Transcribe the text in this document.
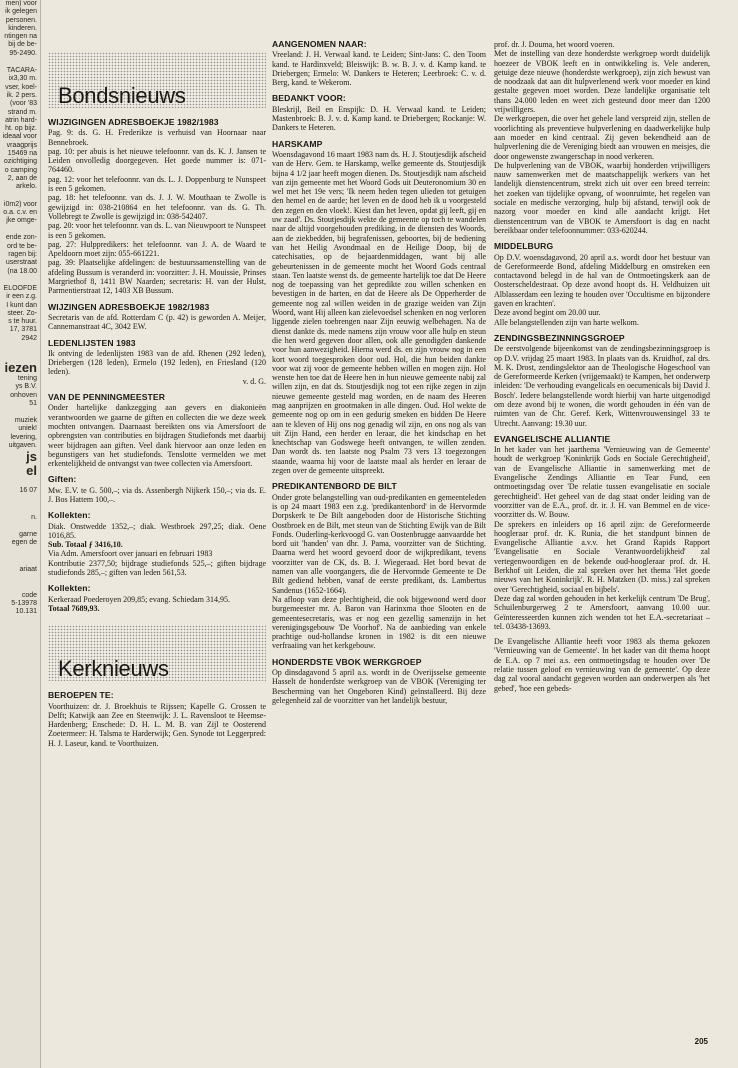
men) voor

ik gelegen

personen.

kinderen.

ntingen na

bij de be-

95-2490.

TACARA-

ix3,30 m.

vser, koel-

ik. 2 pers.

(voor '83

strand m.

atrin hard-

ht. op bijz.

ideaal voor

vraagprijs

15469 na

ozichtiging

o camping

2, aan de

arkelo.

i0m2) voor

o.a. c.v. en

jke omge-

ende zon-

ord te be-

ragen bij:

userstraat

(na 18.00

ELOOFDE

ir een z.g.

I kunt dan

steer. Zo-

s te huur.

17, 3781

2942

iezen

tening

ys B.V.

onhoven

51

muziek

uniek!

levering,

uitgaven.

js

el

16 07

n.

garne

egen de

ariaat

code

5-13978

10.131

Bondsnieuws
WIJZIGINGEN ADRESBOEKJE 1982/1983

Pag. 9: ds. G. H. Frederikze is verhuisd van Hoornaar naar Bennebroek.

pag. 10: per abuis is het nieuwe telefoonnr. van ds. K. J. Jansen te Leiden onvolledig doorgegeven. Het goede nummer is: 071-764460.

pag. 12: voor het telefoonnr. van ds. L. J. Doppenburg te Nunspeet is een 5 gekomen.

pag. 18: het telefoonnr. van ds. J. J. W. Mouthaan te Zwolle is gewijzigd in: 038-210864 en het telefoonnr. van ds. G. Th. Vollebregt te Zwolle is gewijzigd in: 038-542407.

pag. 20: voor het telefoonnr. van ds. L. van Nieuwpoort te Nunspeet is een 5 gekomen.

pag. 27: Hulppredikers: het telefoonnr. van J. A. de Waard te Apeldoorn moet zijn: 055-661221.

pag. 39: Plaatselijke afdelingen: de bestuurssamenstelling van de afdeling Bussum is veranderd in: voorzitter: J. H. Mouissie, Prinses Margriethof 8, 1411 BW Naarden; secretaris: H. van der Hulst, Parmentierstraat 12, 1403 XB Bussum.

WIJZINGEN ADRESBOEKJE 1982/1983

Secretaris van de afd. Rotterdam C (p. 42) is geworden A. Meijer, Cannemanstraat 4C, 3042 EW.

LEDENLIJSTEN 1983

Ik ontving de ledenlijsten 1983 van de afd. Rhenen (292 leden), Driebergen (128 leden), Ermelo (192 leden), en Friesland (120 leden).

v. d. G.

VAN DE PENNINGMEESTER

Onder hartelijke dankzegging aan gevers en diakonieën verantwoorden we gaarne de giften en collecten die we deze week mochten ontvangen. Daarnaast bereikten ons via Amersfoort de opbrengsten van contributies en bijdragen Studiefonds met daarbij weer bijdragen aan giften. Veel dank hiervoor aan onze leden en begunstigers van het studiefonds. Tenslotte vermelden we met erkentelijkheid de ontvangst van twee collecten via Amersfoort.

Giften:

Mw. E.V. te G. 500,–; via ds. Assenbergh Nijkerk 150,–; via ds. E. J. Bos Hattem 100,–.

Kollekten:

Diak. Onstwedde 1352,–; diak. Westbroek 297,25; diak. Oene 1016,85.

Sub. Totaal ƒ 3416,10.

Via Adm. Amersfoort over januari en februari 1983

Kontributie 2377,50; bijdrage studiefonds 525,–; giften bijdrage studiefonds 285,–; giften van leden 561,53.

Kollekten:

Kerkeraad Poederoyen 209,85; evang. Schiedam 314,95.

Totaal 7689,93.

Kerknieuws
BEROEPEN TE:

Voorthuizen: dr. J. Broekhuis te Rijssen; Kapelle G. Crossen te Delft; Katwijk aan Zee en Steenwijk: J. L. Ravensloot te Heemse-Hardenberg; Enschede: D. H. L. M. B. van Zijl te Oosterend Zoetermeer: H. Talsma te Harderwijk; Gen. Synode tot Leggerpred: H. J. Laseur, kand. te Voorthuizen.

AANGENOMEN NAAR:

Vreeland: J. H. Verwaal kand. te Leiden; Sint-Jans: C. den Toom kand. te Hardinxveld; Bleiswijk: B. w. B. J. v. d. Kamp kand. te Driebergen; Ermelo: W. Dankers te Heteren; Leerbroek: C. v. d. Berg, kand. te Wekerom.

BEDANKT VOOR:

Bleskrijl, Beil en Enspijk: D. H. Verwaal kand. te Leiden; Mastenbroek: B. J. v. d. Kamp kand. te Driebergen; Rockanje: W. Dankers te Heteren.

HARSKAMP

Woensdagavond 16 maart 1983 nam ds. H. J. Stoutjesdijk afscheid van de Herv. Gem. te Harskamp, welke gemeente ds. Stoutjesdijk bijna 4 1/2 jaar heeft mogen dienen. Ds. Stoutjesdijk nam afscheid van zijn gemeente met het Woord Gods uit Deuteronomium 30 en wel met het 19e vers; 'Ik neem heden tegen ulieden tot getuigen den hemel en de aarde; het leven en de dood heb ik u voorgesteld den zegen en den vloek!. Kiest dan het leven, opdat gij leeft, gij en uw zaad'. Ds. Stoutjesdijk wekte de gemeente op toch te wandelen naar de altijd voorgehouden prediking, in de diensten des Woords, aan de ziekbedden, bij begrafenissen, geboortes, bij de bediening van het Heilig Avondmaal en de Heilige Doop, bij de catechisaties, op de bejaardenmiddagen, want bij alle gebeurtenissen in de gemeente mocht het Woord Gods centraal staan. Ten laatste wenst ds. de gemeente hartelijk toe dat De Heere nog de toepassing van het gepredikte zou willen schenken en bevestigen in de harten, en dat de Heere als De Opperherder de gemeente nog zal willen weiden in de grazige weiden van Zijn Woord, want Hij alleen kan zielevoedsel schenken en nog verloren liggende zielen toebrengen naar Zijn eeuwig welbehagen. Na de dienst dankte ds. mede namens zijn vrouw voor alle hulp en steun die hen werd gegeven door allen, ook alle genodigden dankende voor hun aanwezigheid. Hierna werd ds. en zijn vrouw nog in een kort woord toegesproken door oud. Hol, die hun beiden dankte voor wat zij voor de gemeente hebben willen en mogen zijn. Hol wenste hen toe dat de Heere hen in hun nieuwe gemeente nabij zal willen zijn, en dat ds. Stoutjesdijk nog tot een rijke zegen in zijn nieuwe gemeente gesteld mag worden, en de naam des Heeren mag aanprijzen en grootmaken in alle dingen. Oud. Hol wekte de gemeente nog op om in een gedurig smeken en bidden De Heere aan te kleven of Hij ons nog genadig wil zijn, en ons nog als van uit Zijn Hand, een herder en leraar, die het kindschap en het knechtschap van Godswege heeft ontvangen, te willen zenden. Dan wordt ds. ten laatste nog Psalm 73 vers 13 toegezongen staande, waarna hij voor de laatste maal als herder en leraar de zegen over de gemeente uitspreekt.

PREDIKANTENBORD DE BILT

Onder grote belangstelling van oud-predikanten en gemeenteleden is op 24 maart 1983 een z.g. 'predikantenbord' in de Hervormde Dorpskerk te De Bilt aangeboden door de Historische Stichting Oostbroek en de Bilt, met steun van de Stichting Ewijk van de Bilt Fonds. Ouderling-kerkvoogd G. van Oostenbrugge aanvaardde het bord uit 'handen' van dhr. J. Pama, voorzitter van de Stichting. Daarna werd het woord gevoerd door de wijkpredikant, tevens voorzitter van de CK, ds. B. J. Wiegeraad. Het bord bevat de namen van alle voorgangers, die de Hervormde Gemeente te De Bilt gediend hebben, vanaf de eerste predikant, ds. Lambertus Sandenus (1652-1664).

Na afloop van deze plechtigheid, die ook bijgewoond werd door burgemeester mr. A. Baron van Harinxma thoe Slooten en de gemeentesecretaris, was er nog een gezellig samenzijn in het verenigingsgebouw 'De Voorhof'. Na de aanbieding van enkele prachtige oud-hollandse kronen in 1982 is dit een nieuwe verfraaiing van het kerkgebouw.

HONDERDSTE VBOK WERKGROEP

Op dinsdagavond 5 april a.s. wordt in de Overijsselse gemeente Hasselt de honderdste werkgroep van de VBOK (Vereniging ter Bescherming van het Ongeboren Kind) geïnstalleerd. Bij deze gelegenheid zal de voorzitter van het landelijk bestuur,

prof. dr. J. Douma, het woord voeren.

Met de instelling van deze honderdste werkgroep wordt duidelijk hoezeer de VBOK leeft en in ontwikkeling is. Vele anderen, getuige deze nieuwe (honderdste werkgroep), zijn zich bewust van de noodzaak dat aan dit hulpverlenend werk voor moeder en kind gestalte gegeven moet worden. Deze landelijke organisatie telt thans 24.000 leden en weet zich gesteund door meer dan 1200 vrijwilligers.

De werkgroepen, die over het gehele land verspreid zijn, stellen de voorlichting als preventieve hulpverlening en daadwerkelijke hulp aan moeder en kind centraal. Zij geven bekendheid aan de hulpverlening die de Vereniging biedt aan vrouwen en meisjes, die door ongewenste zwangerschap in nood verkeren.

De hulpverlening van de VBOK, waarbij honderden vrijwilligers nauw samenwerken met de maatschappelijk werkers van het landelijk dienstencentrum, strekt zich uit over een breed terrein: het zoeken van tijdelijke opvang, of woonruimte, het regelen van sociale en medische verzorging, hulp bij afstand, terwijl ook de nazorg voor moeder en kind alle aandacht krijgt. Het dienstencentrum van de VBOK te Amersfoort is dag en nacht bereikbaar onder telefoonnummer: 033-620244.

MIDDELBURG

Op D.V. woensdagavond, 20 april a.s. wordt door het bestuur van de Gereformeerde Bond, afdeling Middelburg en omstreken een contactavond belegd in de hal van de Ontmoetingskerk aan de Oosterscheldestraat. Op deze avond hoopt ds. H. Veldhuizen uit Alblasserdam een lezing te houden over 'Occultisme en bijzondere gaven en krachten'.

Deze avond begint om 20.00 uur.

Alle belangstellenden zijn van harte welkom.

ZENDINGSBEZINNINGSGROEP

De eerstvolgende bijeenkomst van de zendingsbezinningsgroep is op D.V. vrijdag 25 maart 1983. In plaats van ds. Kruidhof, zal drs. M. K. Drost, zendingslektor aan de Theologische Hogeschool van de Gereformeerde Kerken (vrijgemaakt) te Kampen, het onderwerp inleiden: 'De verhouding evangelicals en oecumenicals bij David J. Bosch'. Iedere belangstellende wordt hierbij van harte uitgenodigd om deze avond bij te wonen, die wordt gehouden in één van de ruimten van de Chr. Geref. Kerk, Wittenvrouwensingel 33 te Utrecht. Aanvang: 19.30 uur.

EVANGELISCHE ALLIANTIE

In het kader van het jaarthema 'Vernieuwing van de Gemeente' houdt de werkgroep 'Koninkrijk Gods en Sociale Gerechtigheid', van de Evangelische Alliantie in samenwerking met de Evangelische Zendings Alliantie en Tear Fund, een ontmoetingsdag over 'De relatie tussen evangelisatie en sociale gerechtigheid'. Het geheel van de dag staat onder leiding van de voorzitter van de E.A., prof. dr. ir. J. H. van Bemmel en de vice-voorzitter ds. W. Bouw.

De sprekers en inleiders op 16 april zijn: de Gereformeerde hoogleraar prof. dr. K. Runia, die het standpunt binnen de Evangelische Alliantie a.v.v. het Grand Rapids Rapport 'Evangelisatie en Sociale Verantwoordelijkheid' zal vertegenwoordigen en de bekende oud-hoogleraar prof. dr. H. Berkhof uit Leiden, die zal spreken over het thema 'Het goede nieuws van het Koninkrijk'. R. H. Matzken (D. miss.) zal spreken over 'Gerechtigheid, sociaal en bijbels'.

Deze dag zal worden gehouden in het kerkelijk centrum 'De Brug', Schuilenburgerweg 2 te Amersfoort, aanvang 10.00 uur. Geïnteresseerden kunnen zich wenden tot het E.A.-secretariaat – tel. 03438-13693.

De Evangelische Alliantie heeft voor 1983 als thema gekozen 'Vernieuwing van de Gemeente'. In het kader van dit thema hoopt de E.A. op 7 mei a.s. een ontmoetingsdag te houden over 'De relatie tussen geloof en vernieuwing van de gemeente'. Op deze dag zal vooral aandacht gegeven worden aan onderwerpen als 'het gebed', 'hoe een gebeds-

205
